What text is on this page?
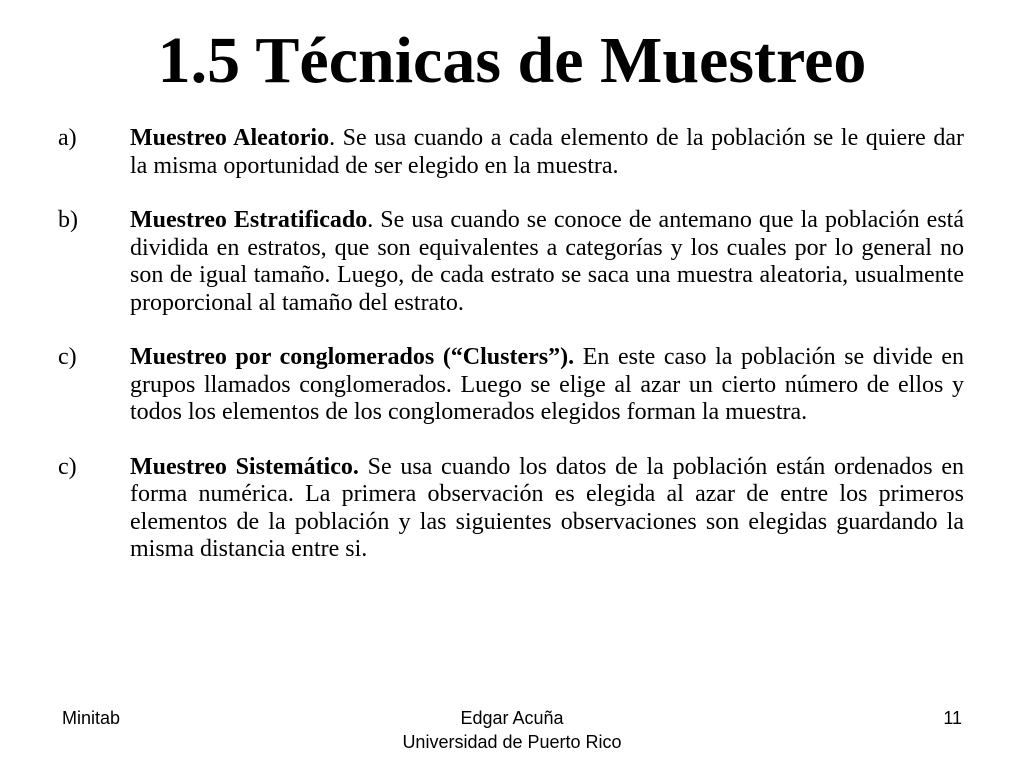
1.5 Técnicas de Muestreo
a)	Muestreo Aleatorio. Se usa cuando a cada elemento de la población se le quiere dar la misma oportunidad de ser elegido en la muestra.
b)	Muestreo Estratificado. Se usa cuando se conoce de antemano que la población está dividida en estratos, que son equivalentes a categorías y los cuales por lo general no son de igual tamaño. Luego, de cada estrato se saca una muestra aleatoria, usualmente proporcional al tamaño del estrato.
c)	Muestreo por conglomerados (“Clusters”). En este caso la población se divide en grupos llamados conglomerados. Luego se elige al azar un cierto número de ellos y todos los elementos de los conglomerados elegidos forman la muestra.
c)	Muestreo Sistemático. Se usa cuando los datos de la población están ordenados en forma numérica. La primera observación es elegida al azar de entre los primeros elementos de la población y las siguientes observaciones son elegidas guardando la misma distancia entre si.
Minitab	Edgar Acuña
Universidad de Puerto Rico
11
